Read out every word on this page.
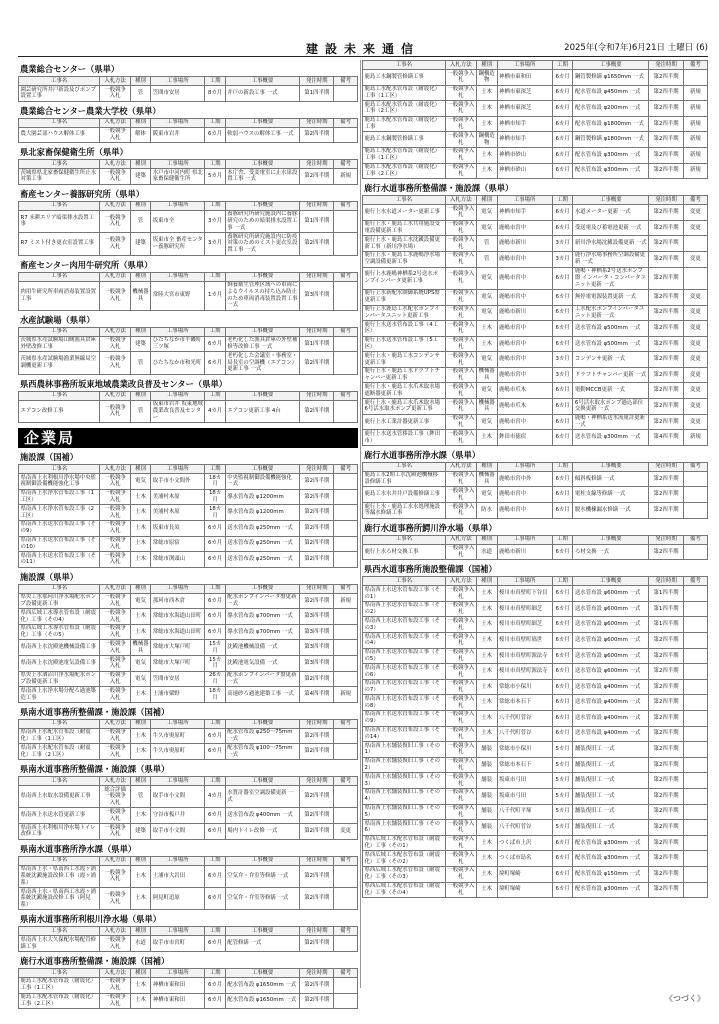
建設未来通信	2025年(令和7年)6月21日 土曜日 (6)
農業総合センター（県単）
工事名	入札方法	種別	工事場所	工期	工事概要	発注時期	備考
園芸研究所井戸新設及びポンプ設置工事	一般競争入札	管	笠間市安居	8カ月	井戸の新設工事 一式	第1四半期	
農業総合センター農業大学校（県単）
工事名	入札方法	種別	工事場所	工期	工事概要	発注時期	備考
農大園芸部ハウス解体工事	一般競争入札	解体	阪東市岩井	6カ月	軟弱ハウスの解体工事 一式	第2四半期	
県北家畜保健衛生所（県単）
工事名	入札方法	種別	工事場所	工期	工事概要	発注時期	備考
茨城県県北家畜保健衛生所止水対策工事	一般競争入札	建築	水戸市中河内町 県北家畜保健衛生所	5カ月	本庁舎、受変電室に止水扉設置工事 一式	第2四半期	新規
畜産センター養豚研究所（県単）
工事名	入札方法	種別	工事場所	工期	工事概要	発注時期	備考
R7 未耕エリア暗渠排水設置工事	一般競争入札	管	坂東市全	3カ月	養豚研究所研究施設内に養豚研究のための暗渠排水設置工事 一式	第1四半期	
R7 ミスト付き更衣室設置工事	一般競争入札	建築	坂東市全 畜産センター養豚研究所	3カ月	養豚研究所研究施設内に防疫対策のためのミスト更衣室設置工事 一式	第2四半期	
畜産センター肉用牛研究所（県単）
工事名	入札方法	種別	工事場所	工期	工事概要	発注時期	備考
肉用牛研究所車両消毒装置設置工事	一般競争入札	機械器具	常陸大宮市東野	1カ月	飼養衛生管理区域への車両によるウイルスの持ち込み防止のため車両消毒装置設置工事 一式	第3四半期	
水産試験場（県単）
工事名	入札方法	種別	工事場所	工期	工事概要	発注時期	備考
茨城県水産試験場山側漁具倉庫外壁改修工事	一般競争入札	建築	ひたちなか市平磯町三ツ塚	6カ月	老朽化した漁具倉庫の外壁補修等改修工事 一式	第1四半期	
茨城県水産試験場漁業無線局空調機更新工事	一般競争入札	管	ひたちなか市和光町	6カ月	老朽化した会議室・事務室・局長室の空調機（エアコン）更新工事 一式	第2四半期	
県西農林事務所坂東地域農業改良普及センター（県単）
工事名	入札方法	種別	工事場所	工期	工事概要	発注時期	備考
エアコン改修工事	一般競争入札	管	坂東市岩井 坂東地域農業改良普及センター	4カ月	エアコン更新工事 4台	第2四半期	
企業局
施設課（国補）
工事名	入札方法	種別	工事場所	工期	工事概要	発注時期	備考
県南西上水利根川浄水場中央監視制御設備機能強化工事	一般競争入札	電気	取手市小文間外	18カ月	中央監視制御設備機能強化 一式	第2四半期	
県南西上水浄水管布設工事（1工区）	一般競争入札	土木	美浦村木原	18カ月	導水管布設 φ1200mm	第2四半期	
県南西上水浄水管布設工事（2工区）	一般競争入札	土木	美浦村木原	18カ月	導水管布設 φ1200mm	第2四半期	
県南西上水送水管布設工事（その9）	一般競争入札	土木	坂東市長須	6カ月	送水管布設 φ250mm 一式	第2四半期	
県南西上水送水管布設工事（その10）	一般競争入札	土木	常総市原宿	6カ月	送水管布設 φ250mm 一式	第2四半期	
県南西上水送水管布設工事（その11）	一般競争入札	土木	常総市渕頭山	6カ月	送水管布設 φ250mm 一式	第2四半期	
施設課（県単）
工事名	入札方法	種別	工事場所	工期	工事概要	発注時期	備考
県央工水那珂川浄水場配水ポンプ設備更新工事	一般競争入札	電気	那珂市西木倉	6カ月	配水ポンプインバータ盤更新 一式	第2四半期	新規
県西広域工水導水管布設（耐震化）工事（その4）	一般競争入札	土木	常総市水海道山田町	6カ月	導水管布設 φ700mm 一式	第3四半期	
県西広域工水導水管布設（耐震化）工事（その5）	一般競争入札	土木	常総市水海道山田町	6カ月	導水管布設 φ700mm 一式	第3四半期	
県南西上水沈殿池機械設備工事	一般競争入札	機械器具	常総市大塚戸町	15カ月	沈殿池機械設備 一式	第3四半期	
県南西上水沈殿池電気設備工事	一般競争入札	電気	常総市大塚戸町	15カ月	沈殿池電気設備 一式	第3四半期	
県央上水涸沼川浄水場配水ポンプ設備更新工事	一般競争入札	電気	笠間市安居	26カ月	配水ポンプインバータ盤更新 一式	第2四半期	
県南西上水浄水場分配ろ過池築造工事	一般競争入札	土木	土浦市粟野	18カ月	高速砂ろ過池建築工事 一式	第4四半期	新規
県南水道事務所整備課・施設課（国補）
工事名	入札方法	種別	工事場所	工期	工事概要	発注時期	備考
県南西上水配水管布設（耐震化）工事（1工区）	一般競争入札	土木	牛久市奥原町	6カ月	配水管布設 φ250〜75mm 一式	第2四半期	
県南西上水配水管布設（耐震化）工事（2工区）	一般競争入札	土木	牛久市奥原町	6カ月	配水管布設 φ100〜75mm 一式	第2四半期	
県南水道事務所整備課・施設課（県単）
工事名	入札方法	種別	工事場所	工期	工事概要	発注時期	備考
県南西上水取水設備更新工事	総合評価一般競争入札	管	取手市小文間	4カ月	水質計器室空調設備更新 一式	第2四半期	
県南西上水送水管更新工事	一般競争入札	土木	守谷市板戸井	6カ月	送水管布設 φ400mm 一式	第2四半期	
県南西上水利根川浄水場トイレ改修工事	一般競争入札	建築	取手市小文間	6カ月	場内トイレ改修 一式	第2四半期	変更
県南水道事務所浄水課（県単）
工事名	入札方法	種別	工事場所	工期	工事概要	発注時期	備考
県南西上水・県南西工水霞ヶ浦系統沈澱施設改修工事（霞ヶ浦系）	一般競争入札	土木	土浦市大岩田	6カ月	空気弁・弁室等修繕 一式	第2四半期	
県南西上水・県南西工水霞ヶ浦系統沈澱施設改修工事（阿見系）	一般競争入札	土木	阿見町追原	6カ月	空気弁・弁室等修繕 一式	第2四半期	
県南水道事務所利根川浄水場（県単）
工事名	入札方法	種別	工事場所	工期	工事概要	発注時期	備考
県南西上水大久保配水場配管修繕工事	一般競争入札	水道	取手市市宮町	6カ月	配管修繕 一式	第2四半期	
鹿行水道事務所整備課・施設課（国補）
工事名	入札方法	種別	工事場所	工期	工事概要	発注時期	備考
鹿島工水配水管布設（耐震化）工事（1工区）	一般競争入札	土木	神栖市東和田	6カ月	配水管布設 φ1650mm 一式	第2四半期	
鹿島工水配水管布設（耐震化）工事（2工区）	一般競争入札	土木	神栖市東和田	6カ月	配水管布設 φ1650mm 一式	第2四半期	
工事名	入札方法	種別	工事場所	工期	工事概要	発注時期	備考
鹿島工水鋼製管修繕工事	一般競争入札	鋼構造物	神栖市東和田	6カ月	鋼管製修繕 φ1650mm 一式	第2四半期	
鹿島工水配水管布設（耐震化）工事（1工区）	一般競争入札	土木	神栖市東深芝	6カ月	配水管布設 φ450mm 一式	第2四半期	新規
鹿島工水配水管布設（耐震化）工事（2工区）	一般競争入札	土木	神栖市東深芝	6カ月	配水管布設 φ200mm 一式	第2四半期	新規
鹿島工水配水管布設（耐震化）工事	一般競争入札	土木	神栖市知手	6カ月	配水管布設 φ1800mm 一式	第2四半期	新規
鹿島工水鋼製管修繕工事	一般競争入札	鋼構造物	神栖市知手	6カ月	鋼管製修繕 φ1800mm 一式	第2四半期	新規
鹿島工水配水管布設（耐震化）工事（1工区）	一般競争入札	土木	神栖市砂山	6カ月	配水管布設 φ300mm 一式	第2四半期	新規
鹿島工水配水管布設（耐震化）工事（2工区）	一般競争入札	土木	神栖市砂山	6カ月	配水管布設 φ300mm 一式	第2四半期	新規
鹿行水道事務所整備課・施設課（県単）
工事名	入札方法	種別	工事場所	工期	工事概要	発注時期	備考
鹿行上水水道メーター更新工事	一般競争入札	電気	神栖市知手	6カ月	水道メーター更新 一式	第2四半期	変更
鹿行上水・鹿島工水共用施設受電設備更新工事	一般競争入札	電気	鹿嶋市宮中	6カ月	受送電及び蓄電池更新 一式	第2四半期	変更
鹿行上水・鹿島工水沈澱設備更新工事（新川浄水場）	一般競争入札	管	鹿嶋市新川	3カ月	新川浄水場沈澱設備更新 一式	第2四半期	
鹿行上水・鹿島工水鹿嶋浄水場空調設備更新工事	一般競争入札	管	鹿嶋市宮中	3カ月	鹿行浄水場事務所空調設備更新 一式	第2四半期	変更
鹿行上水鹿嶋神栖系2号送水ポンプインバータ更新工事	一般競争入札	電気	鹿嶋市宮中	6カ月	鹿嶋・神栖系2号送水ポンプ盤 インバータ・コンバータユニット更新 一式	第2四半期	
鹿行上水新配水制御系統UPS盤更新工事	一般競争入札	電気	鹿嶋市宮中	6カ月	無停電電源装置更新 一式	第2四半期	変更
鹿行上水鹿島工水配水ポンプインバータユニット更新工事	一般競争入札	電気	鹿嶋市新川	6カ月	工水配水ポンプインバータユニット更新 一式	第2四半期	変更
鹿行上水送水管布設工事（4工区）	一般競争入札	土木	鹿嶋市宮中	6カ月	送水管布設 φ500mm 一式	第2四半期	変更
鹿行上水送水管布設工事（5工区）	一般競争入札	土木	鹿嶋市宮中	6カ月	送水管布設 φ500mm 一式	第2四半期	変更
鹿行上水・鹿島工水コンデンサ更新工事	一般競争入札	電気	鹿嶋市宮中	3カ月	コンデンサ更新 一式	第2四半期	変更
鹿行上水・鹿島工水ドラフトチャンバー更新工事	一般競争入札	機械器具	鹿嶋市宮中	3カ月	ドラフトチャンバー更新 一式	第2四半期	変更
鹿行上水・鹿島工水爪木取水場遮断器更新工事	一般競争入札	電気	鹿嶋市爪木	6カ月	電動MCCB更新 一式	第2四半期	変更
鹿行上水・鹿島工水爪木取水場6号活水取水ポンプ更新工事	一般競争入札	機械器具	鹿嶋市爪木	6カ月	6号活水取水ポンプ過込部位交換更新 一式	第2四半期	変更
鹿行上水工業計器更新工事	一般競争入札	電気	鹿嶋市宮中	6カ月	鹿嶋・神栖系送水流量計更新 一式	第2四半期	変更
鹿行上水送水管移設工事（鉾田市）	一般競争入札	土木	鉾田市徳宿	6カ月	送水管布設 φ300mm 一式	第4四半期	新規
鹿行水道事務所浄水課（県単）
工事名	入札方法	種別	工事場所	工期	工事概要	発注時期	備考
鹿島工水2期工水沈殿池機械移設修繕工事	一般競争入札	機械器具	鹿嶋市宮中外	6カ月	傾斜板修繕 一式	第2四半期	
鹿島工水水井井戸設備修繕工事	一般競争入札	電気	鹿嶋市宮中	6カ月	電柱支線等修繕 一式	第2四半期	
鹿行上水・鹿島工水水処理施設等漏水修繕工事	一般競争入札	防水	鹿嶋市宮中	6カ月	脱水機棟漏水修繕 一式	第2四半期	
鹿行水道事務所鰐川浄水場（県単）
工事名	入札方法	種別	工事場所	工期	工事概要	発注時期	備考
鹿行上水ろ材交換工事	一般競争入札	水道	鹿嶋市新川	6カ月	ろ材交換 一式	第2四半期	
県西水道事務所施設整備課（国補）
工事名	入札方法	種別	工事場所	工期	工事概要	発注時期	備考
県南西上水送水管布設工事（その1）	一般競争入札	土木	桜川市真壁町下谷貝	6カ月	送水管布設 φ600mm 一式	第1四半期	
県南西上水送水管布設工事（その2）	一般競争入札	土木	桜川市真壁町細芝	6カ月	送水管布設 φ600mm 一式	第1四半期	
県南西上水送水管布設工事（その3）	一般競争入札	土木	桜川市真壁町細芝	6カ月	送水管布設 φ600mm 一式	第1四半期	
県南西上水送水管布設工事（その4）	一般競争入札	土木	桜川市真壁町塙世	6カ月	送水管布設 φ600mm 一式	第2四半期	
県南西上水送水管布設工事（その5）	一般競争入札	土木	桜川市真壁町源法寺	6カ月	送水管布設 φ600mm 一式	第2四半期	
県南西上水送水管布設工事（その6）	一般競争入札	土木	桜川市真壁町源法寺	6カ月	送水管布設 φ600mm 一式	第2四半期	
県南西上水送水管布設工事（その7）	一般競争入札	土木	常総市小保川	6カ月	送水管布設 φ400mm 一式	第2四半期	
県南西上水送水管布設工事（その8）	一般競争入札	土木	常総市本石下	6カ月	送水管布設 φ400mm 一式	第2四半期	
県南西上水送水管布設工事（その9）	一般競争入札	土木	八千代町菅谷	6カ月	送水管布設 φ400mm 一式	第2四半期	
県南西上水送水管布設工事（その14）	一般競争入札	土木	八千代町菅谷	6カ月	送水管布設 φ400mm 一式	第2四半期	
県南西上水舗装復旧工事（その1）	一般競争入札	舗装	常総市小保川	5カ月	舗装復旧工 一式	第2四半期	
県南西上水舗装復旧工事（その2）	一般競争入札	舗装	常総市本石下	5カ月	舗装復旧工 一式	第2四半期	
県南西上水舗装復旧工事（その3）	一般競争入札	舗装	坂東市弓田	5カ月	舗装復旧工 一式	第2四半期	
県南西上水舗装復旧工事（その4）	一般競争入札	舗装	坂東市弓田	5カ月	舗装復旧工 一式	第2四半期	
県南西上水舗装復旧工事（その5）	一般競争入札	舗装	八千代町平塚	5カ月	舗装復旧工 一式	第2四半期	
県南西上水舗装復旧工事（その6）	一般競争入札	舗装	八千代町菅谷	5カ月	舗装復旧工 一式	第2四半期	
県西広域工水配水管布設（耐震化）工事（その1）	一般競争入札	土木	つくば市上沢	6カ月	配水管布設 φ300mm 一式	第2四半期	
県西広域工水配水管布設（耐震化）工事（その2）	一般競争入札	土木	つくば市島名	6カ月	配水管布設 φ300mm 一式	第2四半期	
県西広域工水配水管布設（耐震化）工事（その3）	一般競争入札	土木	境町塚崎	6カ月	配水管布設 φ150mm 一式	第2四半期	
県西広域工水配水管布設（耐震化）工事（その4）	一般競争入札	土木	境町塚崎	6カ月	配水管布設 φ300mm 一式	第2四半期	
《つづく》
